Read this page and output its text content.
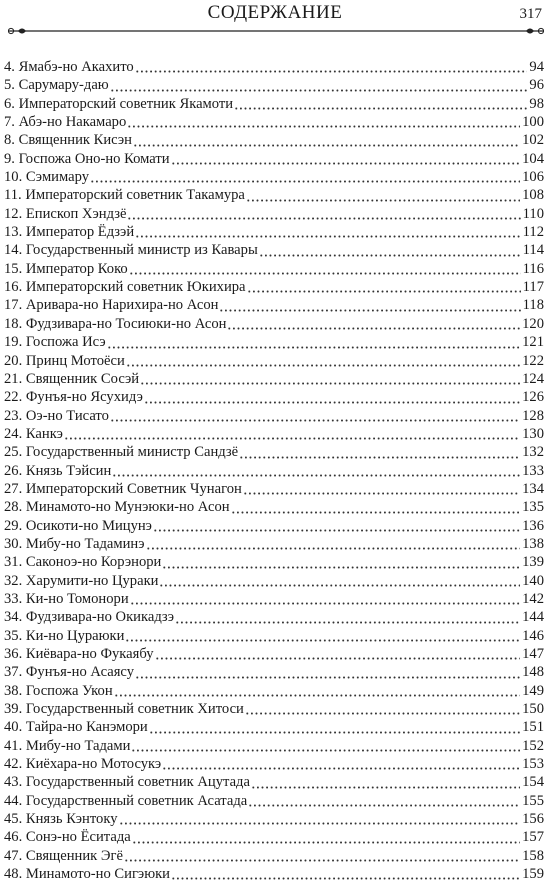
СОДЕРЖАНИЕ	317
4. Ямабэ-но Акахито	94
5. Сарумару-даю	96
6. Императорский советник Якамоти	98
7. Абэ-но Накамаро	100
8. Священник Кисэн	102
9. Госпожа Оно-но Комати	104
10. Сэмимару	106
11. Императорский советник Такамура	108
12. Епископ Хэндзё	110
13. Император Ёдзэй	112
14. Государственный министр из Кавары	114
15. Император Коко	116
16. Императорский советник Юкихира	117
17. Аривара-но Нарихира-но Асон	118
18. Фудзивара-но Тосиюки-но Асон	120
19. Госпожа Исэ	121
20. Принц Мотоёси	122
21. Священник Сосэй	124
22. Фунъя-но Ясухидэ	126
23. Оэ-но Тисато	128
24. Канкэ	130
25. Государственный министр Сандзё	132
26. Князь Тэйсин	133
27. Императорский Советник Чунагон	134
28. Минамото-но Мунэюки-но Асон	135
29. Осикоти-но Мицунэ	136
30. Мибу-но Тадаминэ	138
31. Саконоэ-но Корэнори	139
32. Харумити-но Цураки	140
33. Ки-но Томонори	142
34. Фудзивара-но Окикадзэ	144
35. Ки-но Цураюки	146
36. Киёвара-но Фукаябу	147
37. Фунъя-но Асаясу	148
38. Госпожа Укон	149
39. Государственный советник Хитоси	150
40. Тайра-но Канэмори	151
41. Мибу-но Тадами	152
42. Киёхара-но Мотосукэ	153
43. Государственный советник Ацутада	154
44. Государственный советник Асатада	155
45. Князь Кэнтоку	156
46. Сонэ-но Ёситада	157
47. Священник Эгё	158
48. Минамото-но Сигэюки	159
